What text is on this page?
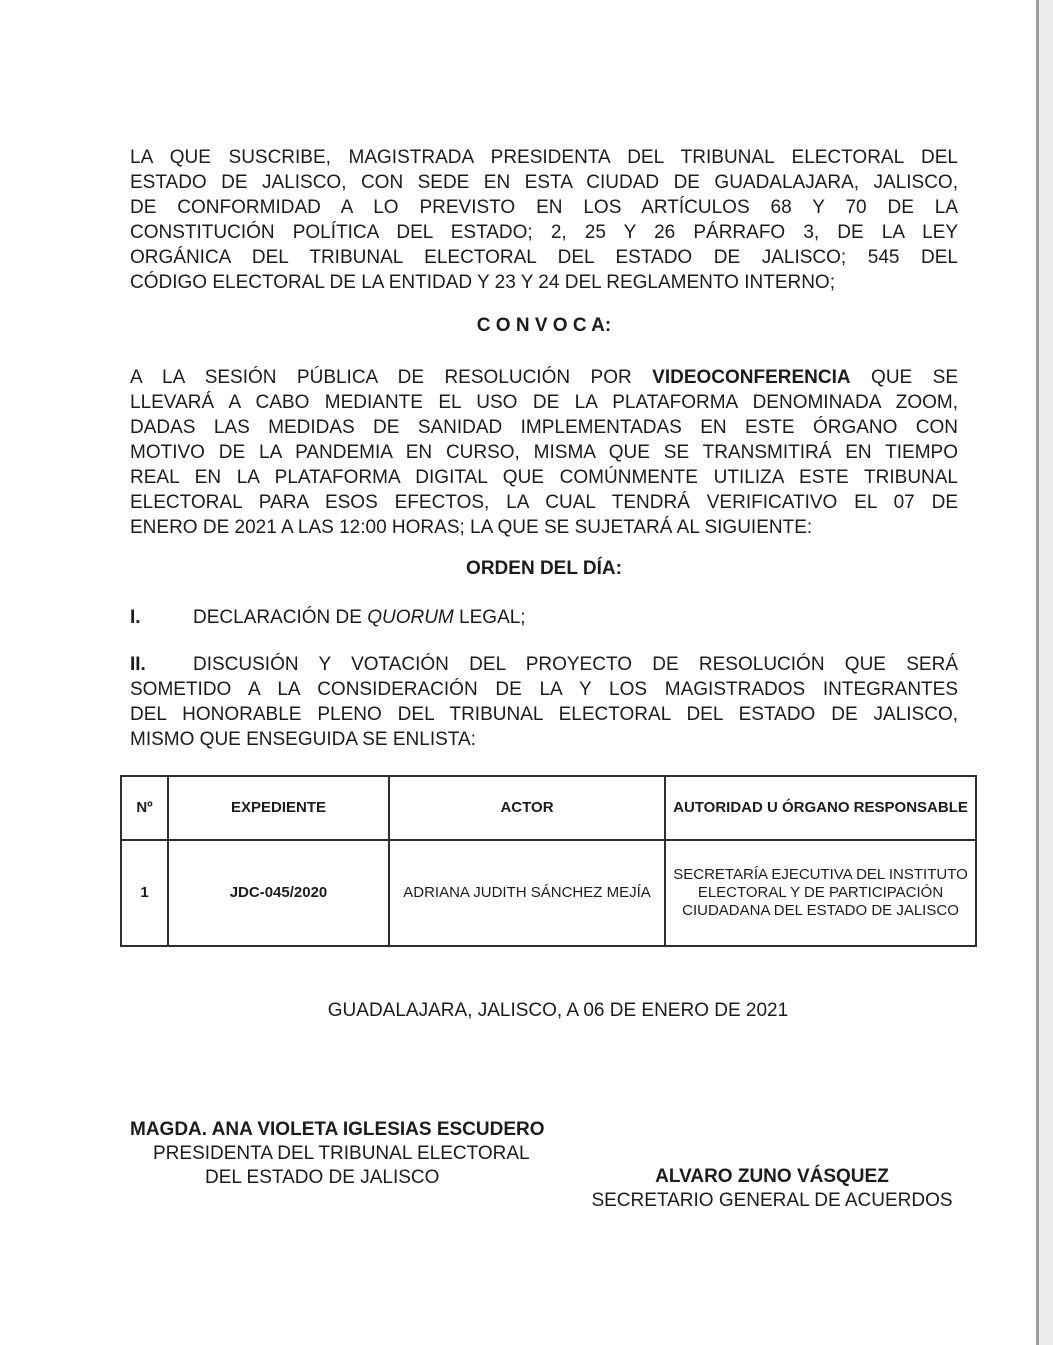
LA QUE SUSCRIBE, MAGISTRADA PRESIDENTA DEL TRIBUNAL ELECTORAL DEL
ESTADO DE JALISCO, CON SEDE EN ESTA CIUDAD DE GUADALAJARA, JALISCO,
DE CONFORMIDAD A LO PREVISTO EN LOS ARTÍCULOS 68 Y 70 DE LA
CONSTITUCIÓN POLÍTICA DEL ESTADO; 2, 25 Y 26 PÁRRAFO 3, DE LA LEY
ORGÁNICA DEL TRIBUNAL ELECTORAL DEL ESTADO DE JALISCO; 545 DEL
CÓDIGO ELECTORAL DE LA ENTIDAD Y 23 Y 24 DEL REGLAMENTO INTERNO;
C O N V O C A:
A LA SESIÓN PÚBLICA DE RESOLUCIÓN POR VIDEOCONFERENCIA QUE SE
LLEVARÁ A CABO MEDIANTE EL USO DE LA PLATAFORMA DENOMINADA ZOOM,
DADAS LAS MEDIDAS DE SANIDAD IMPLEMENTADAS EN ESTE ÓRGANO CON
MOTIVO DE LA PANDEMIA EN CURSO, MISMA QUE SE TRANSMITIRÁ EN TIEMPO
REAL EN LA PLATAFORMA DIGITAL QUE COMÚNMENTE UTILIZA ESTE TRIBUNAL
ELECTORAL PARA ESOS EFECTOS, LA CUAL TENDRÁ VERIFICATIVO EL 07 DE
ENERO DE 2021 A LAS 12:00 HORAS; LA QUE SE SUJETARÁ AL SIGUIENTE:
ORDEN DEL DÍA:
I.	DECLARACIÓN DE QUORUM LEGAL;
II. DISCUSIÓN Y VOTACIÓN DEL PROYECTO DE RESOLUCIÓN QUE SERÁ
SOMETIDO A LA CONSIDERACIÓN DE LA Y LOS MAGISTRADOS INTEGRANTES
DEL HONORABLE PLENO DEL TRIBUNAL ELECTORAL DEL ESTADO DE JALISCO,
MISMO QUE ENSEGUIDA SE ENLISTA:
Nº	EXPEDIENTE	ACTOR	AUTORIDAD U ÓRGANO RESPONSABLE
1	JDC-045/2020	ADRIANA JUDITH SÁNCHEZ MEJÍA	SECRETARÍA EJECUTIVA DEL INSTITUTO ELECTORAL Y DE PARTICIPACIÓN CIUDADANA DEL ESTADO DE JALISCO
GUADALAJARA, JALISCO, A 06 DE ENERO DE 2021
MAGDA. ANA VIOLETA IGLESIAS ESCUDERO
PRESIDENTA DEL TRIBUNAL ELECTORAL
DEL ESTADO DE JALISCO	ALVARO ZUNO VÁSQUEZ
SECRETARIO GENERAL DE ACUERDOS
